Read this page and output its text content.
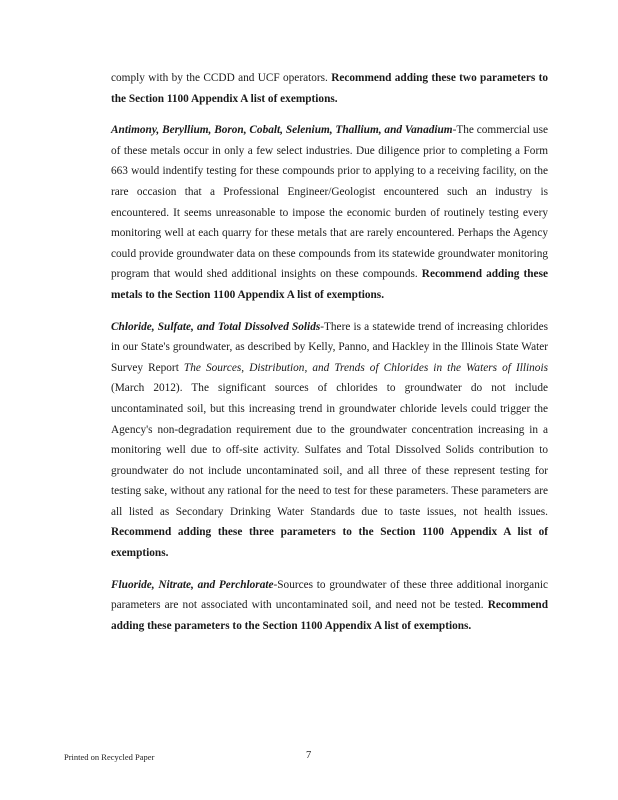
comply with by the CCDD and UCF operators. Recommend adding these two parameters to the Section 1100 Appendix A list of exemptions.

Antimony, Beryllium, Boron, Cobalt, Selenium, Thallium, and Vanadium-The commercial use of these metals occur in only a few select industries. Due diligence prior to completing a Form 663 would indentify testing for these compounds prior to applying to a receiving facility, on the rare occasion that a Professional Engineer/Geologist encountered such an industry is encountered. It seems unreasonable to impose the economic burden of routinely testing every monitoring well at each quarry for these metals that are rarely encountered. Perhaps the Agency could provide groundwater data on these compounds from its statewide groundwater monitoring program that would shed additional insights on these compounds. Recommend adding these metals to the Section 1100 Appendix A list of exemptions.

Chloride, Sulfate, and Total Dissolved Solids-There is a statewide trend of increasing chlorides in our State's groundwater, as described by Kelly, Panno, and Hackley in the Illinois State Water Survey Report The Sources, Distribution, and Trends of Chlorides in the Waters of Illinois (March 2012). The significant sources of chlorides to groundwater do not include uncontaminated soil, but this increasing trend in groundwater chloride levels could trigger the Agency's non-degradation requirement due to the groundwater concentration increasing in a monitoring well due to off-site activity. Sulfates and Total Dissolved Solids contribution to groundwater do not include uncontaminated soil, and all three of these represent testing for testing sake, without any rational for the need to test for these parameters. These parameters are all listed as Secondary Drinking Water Standards due to taste issues, not health issues. Recommend adding these three parameters to the Section 1100 Appendix A list of exemptions.

Fluoride, Nitrate, and Perchlorate-Sources to groundwater of these three additional inorganic parameters are not associated with uncontaminated soil, and need not be tested. Recommend adding these parameters to the Section 1100 Appendix A list of exemptions.

Printed on Recycled Paper	7
